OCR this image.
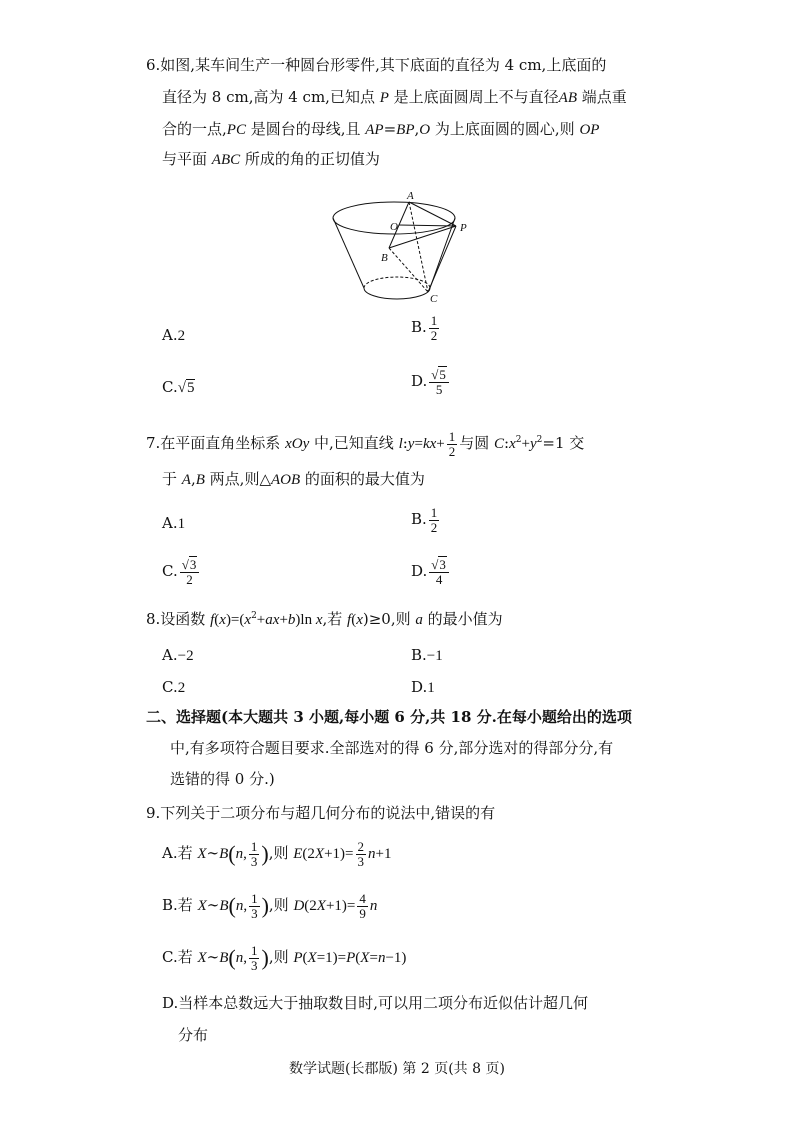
6.如图,某车间生产一种圆台形零件,其下底面的直径为 4 cm,上底面的
直径为 8 cm,高为 4 cm,已知点 P 是上底面圆周上不与直径AB 端点重
合的一点,PC 是圆台的母线,且 AP=BP,O 为上底面圆的圆心,则 OP
与平面 ABC 所成的角的正切值为
A
O	P
B
C
A.2	B. $\frac{1}{2}$
C.√5	D. $\frac{√5}{5}$
7.在平面直角坐标系 xOy 中,已知直线 l:y=kx+ $\frac{1}{2}$ 与圆 $C:x^2+y^2=1$ 交
于 A,B 两点,则△AOB 的面积的最大值为
A.1	B. $\frac{1}{2}$
C. $\frac{√3}{2}$	D. $\frac{√3}{4}$
8.设函数 $f(x)=(x^2+ax+b)\ln$ x,若 f(x)≥0,则 a 的最小值为
A.−2	B.−1
C.2	D.1
二、选择题(本大题共 3 小题,每小题 6 分,共 18 分.在每小题给出的选项
中,有多项符合题目要求.全部选对的得 6 分,部分选对的得部分分,有
选错的得 0 分.)
9.下列关于二项分布与超几何分布的说法中,错误的有
A.若 X∼B(n, $\frac{1}{3}$ ),则 $E(2X+1)= \frac{2}{3} n+1$
B.若 X∼B(n, $\frac{1}{3}$ ),则 $D(2X+1)= \frac{4}{9}$ n
C.若 X∼B(n, $\frac{1}{3}$ ),则 P(X=1)=P(X=n−1)
D.当样本总数远大于抽取数目时,可以用二项分布近似估计超几何
分布
数学试题(长郡版) 第 2 页(共 8 页)
